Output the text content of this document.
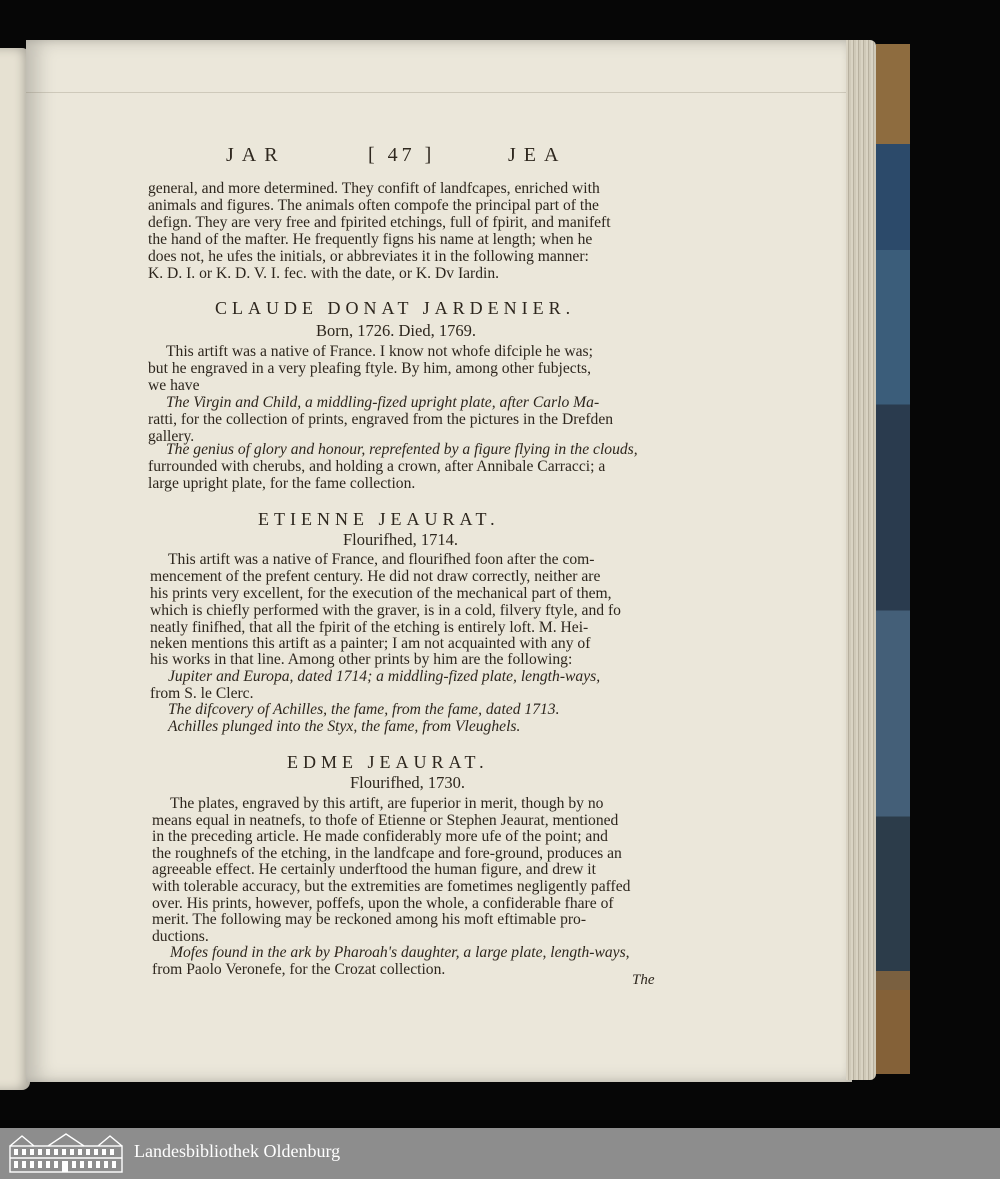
JAR	[ 47 ]	JEA
general, and more determined. They confift of landfcapes, enriched with
animals and figures. The animals often compofe the principal part of the
defign. They are very free and fpirited etchings, full of fpirit, and manifeft
the hand of the mafter. He frequently figns his name at length; when he
does not, he ufes the initials, or abbreviates it in the following manner:
K. D. I. or K. D. V. I. fec. with the date, or K. Dv Iardin.
CLAUDE DONAT JARDENIER.
Born, 1726. Died, 1769.
This artift was a native of France. I know not whofe difciple he was;
but he engraved in a very pleafing ftyle. By him, among other fubjects,
we have
The Virgin and Child, a middling-fized upright plate, after Carlo Ma-
ratti, for the collection of prints, engraved from the pictures in the Drefden
gallery.
The genius of glory and honour, reprefented by a figure flying in the clouds,
furrounded with cherubs, and holding a crown, after Annibale Carracci; a
large upright plate, for the fame collection.
ETIENNE JEAURAT.
Flourifhed, 1714.
This artift was a native of France, and flourifhed foon after the com-
mencement of the prefent century. He did not draw correctly, neither are
his prints very excellent, for the execution of the mechanical part of them,
which is chiefly performed with the graver, is in a cold, filvery ftyle, and fo
neatly finifhed, that all the fpirit of the etching is entirely loft. M. Hei-
neken mentions this artift as a painter; I am not acquainted with any of
his works in that line. Among other prints by him are the following:
Jupiter and Europa, dated 1714; a middling-fized plate, length-ways,
from S. le Clerc.
The difcovery of Achilles, the fame, from the fame, dated 1713.
Achilles plunged into the Styx, the fame, from Vleughels.
EDME JEAURAT.
Flourifhed, 1730.
The plates, engraved by this artift, are fuperior in merit, though by no
means equal in neatnefs, to thofe of Etienne or Stephen Jeaurat, mentioned
in the preceding article. He made confiderably more ufe of the point; and
the roughnefs of the etching, in the landfcape and fore-ground, produces an
agreeable effect. He certainly underftood the human figure, and drew it
with tolerable accuracy, but the extremities are fometimes negligently paffed
over. His prints, however, poffefs, upon the whole, a confiderable fhare of
merit. The following may be reckoned among his moft eftimable pro-
ductions.
Mofes found in the ark by Pharoah's daughter, a large plate, length-ways,
from Paolo Veronefe, for the Crozat collection.
The
Landesbibliothek Oldenburg
